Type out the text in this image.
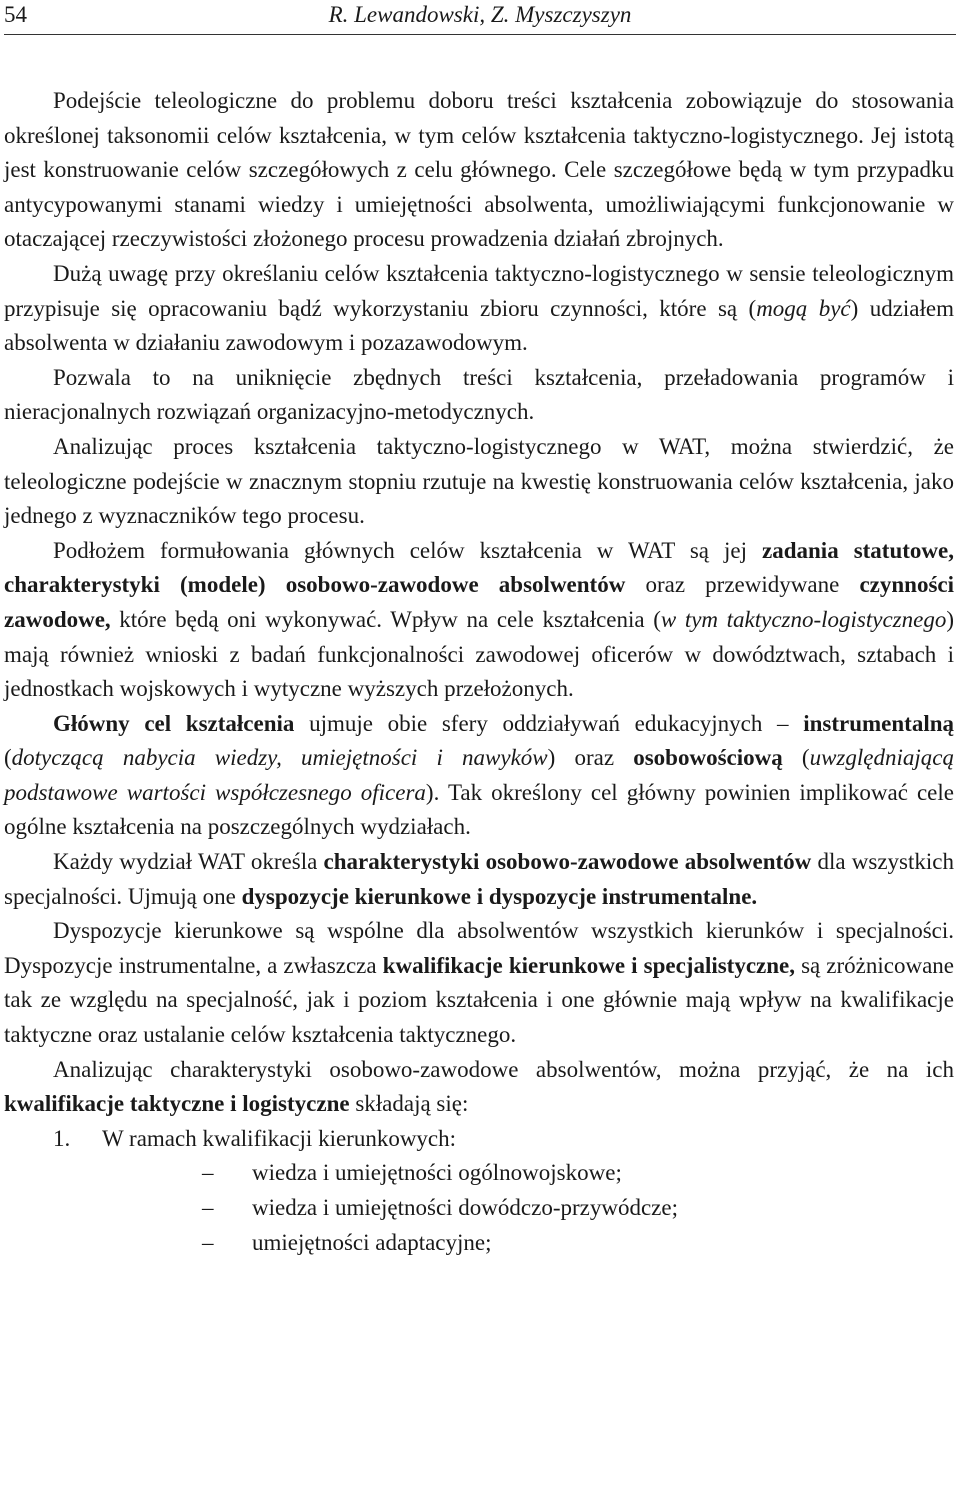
54	R. Lewandowski, Z. Myszczyszyn

Podejście teleologiczne do problemu doboru treści kształcenia zobowiązuje do stosowania określonej taksonomii celów kształcenia, w tym celów kształcenia taktyczno-logistycznego. Jej istotą jest konstruowanie celów szczegółowych z celu głównego. Cele szczegółowe będą w tym przypadku antycypowanymi stanami wiedzy i umiejętności absolwenta, umożliwiającymi funkcjonowanie w otaczającej rzeczywistości złożonego procesu prowadzenia działań zbrojnych.

Dużą uwagę przy określaniu celów kształcenia taktyczno-logistycznego w sensie teleologicznym przypisuje się opracowaniu bądź wykorzystaniu zbioru czynności, które są (mogą być) udziałem absolwenta w działaniu zawodowym i pozazawodowym.

Pozwala to na uniknięcie zbędnych treści kształcenia, przeładowania programów i nieracjonalnych rozwiązań organizacyjno-metodycznych.

Analizując proces kształcenia taktyczno-logistycznego w WAT, można stwierdzić, że teleologiczne podejście w znacznym stopniu rzutuje na kwestię konstruowania celów kształcenia, jako jednego z wyznaczników tego procesu.

Podłożem formułowania głównych celów kształcenia w WAT są jej zadania statutowe, charakterystyki (modele) osobowo-zawodowe absolwentów oraz przewidywane czynności zawodowe, które będą oni wykonywać. Wpływ na cele kształcenia (w tym taktyczno-logistycznego) mają również wnioski z badań funkcjonalności zawodowej oficerów w dowództwach, sztabach i jednostkach wojskowych i wytyczne wyższych przełożonych.

Główny cel kształcenia ujmuje obie sfery oddziaływań edukacyjnych – instrumentalną (dotyczącą nabycia wiedzy, umiejętności i nawyków) oraz osobowościową (uwzględniającą podstawowe wartości współczesnego oficera). Tak określony cel główny powinien implikować cele ogólne kształcenia na poszczególnych wydziałach.

Każdy wydział WAT określa charakterystyki osobowo-zawodowe absolwentów dla wszystkich specjalności. Ujmują one dyspozycje kierunkowe i dyspozycje instrumentalne.

Dyspozycje kierunkowe są wspólne dla absolwentów wszystkich kierunków i specjalności. Dyspozycje instrumentalne, a zwłaszcza kwalifikacje kierunkowe i specjalistyczne, są zróżnicowane tak ze względu na specjalność, jak i poziom kształcenia i one głównie mają wpływ na kwalifikacje taktyczne oraz ustalanie celów kształcenia taktycznego.

Analizując charakterystyki osobowo-zawodowe absolwentów, można przyjąć, że na ich kwalifikacje taktyczne i logistyczne składają się:

1. W ramach kwalifikacji kierunkowych:
– wiedza i umiejętności ogólnowojskowe;
– wiedza i umiejętności dowódczo-przywódcze;
– umiejętności adaptacyjne;
